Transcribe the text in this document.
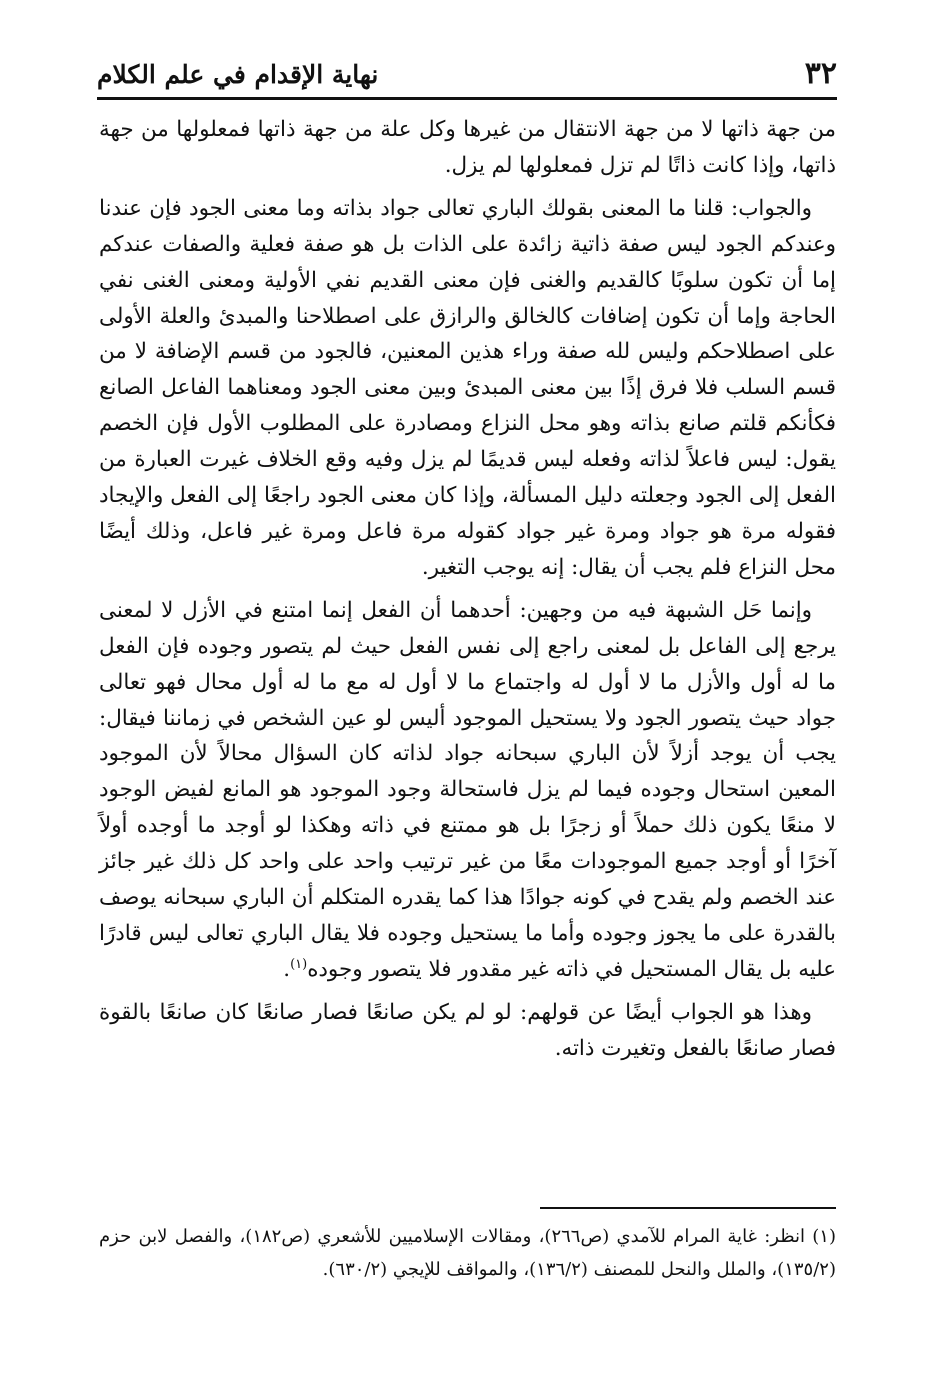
٣٢
نهاية الإقدام في علم الكلام

من جهة ذاتها لا من جهة الانتقال من غيرها وكل علة من جهة ذاتها فمعلولها من جهة ذاتها، وإذا كانت ذاتًا لم تزل فمعلولها لم يزل.

والجواب: قلنا ما المعنى بقولك الباري تعالى جواد بذاته وما معنى الجود فإن عندنا وعندكم الجود ليس صفة ذاتية زائدة على الذات بل هو صفة فعلية والصفات عندكم إما أن تكون سلوبًا كالقديم والغنى فإن معنى القديم نفي الأولية ومعنى الغنى نفي الحاجة وإما أن تكون إضافات كالخالق والرازق على اصطلاحنا والمبدئ والعلة الأولى على اصطلاحكم وليس لله صفة وراء هذين المعنين، فالجود من قسم الإضافة لا من قسم السلب فلا فرق إذًا بين معنى المبدئ وبين معنى الجود ومعناهما الفاعل الصانع فكأنكم قلتم صانع بذاته وهو محل النزاع ومصادرة على المطلوب الأول فإن الخصم يقول: ليس فاعلاً لذاته وفعله ليس قديمًا لم يزل وفيه وقع الخلاف غيرت العبارة من الفعل إلى الجود وجعلته دليل المسألة، وإذا كان معنى الجود راجعًا إلى الفعل والإيجاد فقوله مرة هو جواد ومرة غير جواد كقوله مرة فاعل ومرة غير فاعل، وذلك أيضًا محل النزاع فلم يجب أن يقال: إنه يوجب التغير.

وإنما حَل الشبهة فيه من وجهين: أحدهما أن الفعل إنما امتنع في الأزل لا لمعنى يرجع إلى الفاعل بل لمعنى راجع إلى نفس الفعل حيث لم يتصور وجوده فإن الفعل ما له أول والأزل ما لا أول له واجتماع ما لا أول له مع ما له أول محال فهو تعالى جواد حيث يتصور الجود ولا يستحيل الموجود أليس لو عين الشخص في زماننا فيقال: يجب أن يوجد أزلاً لأن الباري سبحانه جواد لذاته كان السؤال محالاً لأن الموجود المعين استحال وجوده فيما لم يزل فاستحالة وجود الموجود هو المانع لفيض الوجود لا منعًا يكون ذلك حملاً أو زجرًا بل هو ممتنع في ذاته وهكذا لو أوجد ما أوجده أولاً آخرًا أو أوجد جميع الموجودات معًا من غير ترتيب واحد على واحد كل ذلك غير جائز عند الخصم ولم يقدح في كونه جوادًا هذا كما يقدره المتكلم أن الباري سبحانه يوصف بالقدرة على ما يجوز وجوده وأما ما يستحيل وجوده فلا يقال الباري تعالى ليس قادرًا عليه بل يقال المستحيل في ذاته غير مقدور فلا يتصور وجوده$^{(١)}$.

وهذا هو الجواب أيضًا عن قولهم: لو لم يكن صانعًا فصار صانعًا كان صانعًا بالقوة فصار صانعًا بالفعل وتغيرت ذاته.

(١) انظر: غاية المرام للآمدي (ص٢٦٦)، ومقالات الإسلاميين للأشعري (ص١٨٢)، والفصل لابن حزم (١٣٥/٢)، والملل والنحل للمصنف (١٣٦/٢)، والمواقف للإيجي (٦٣٠/٢).
